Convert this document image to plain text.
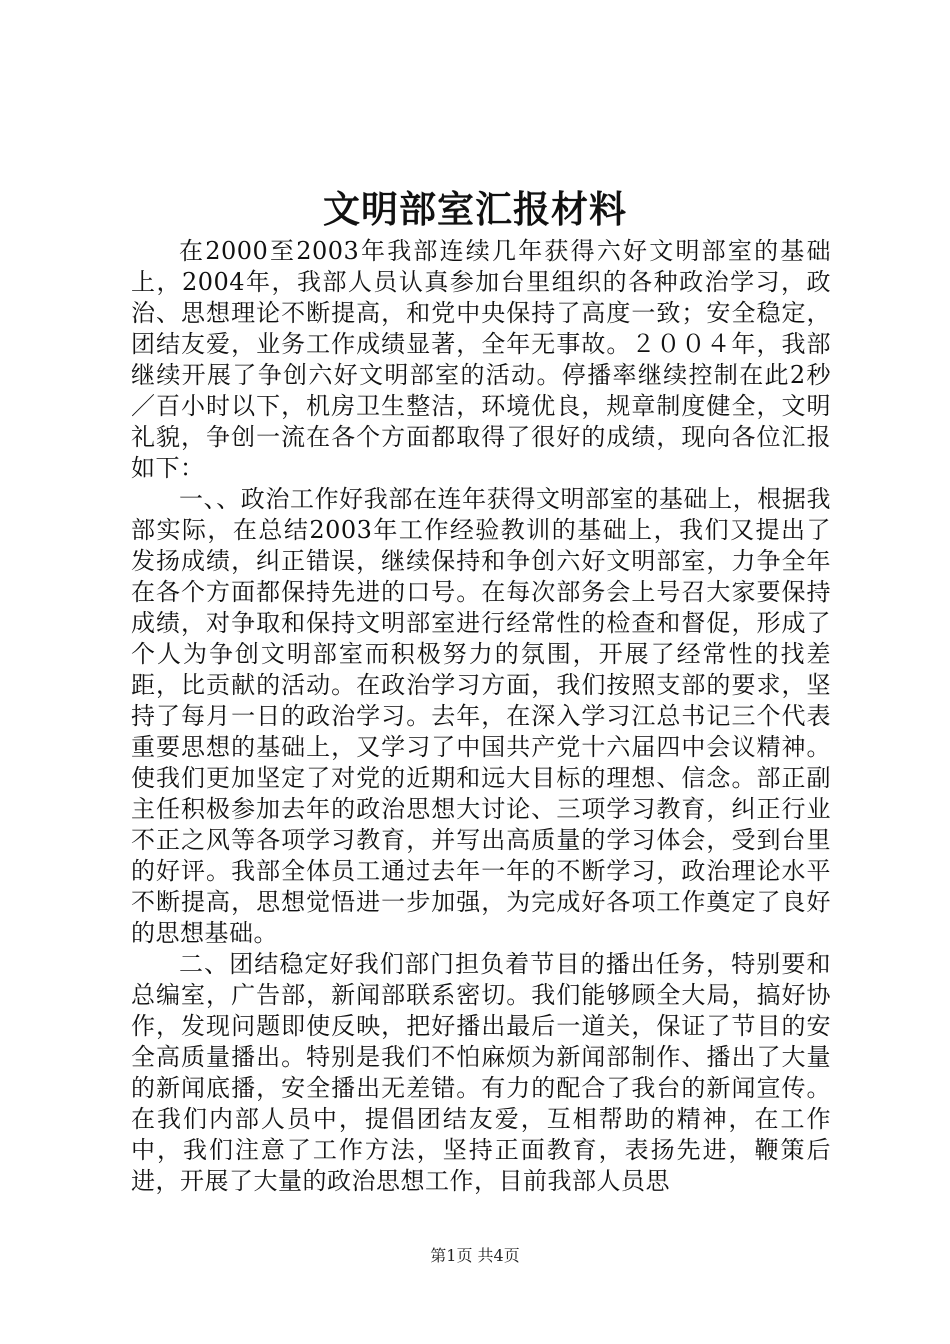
文明部室汇报材料

在2000至2003年我部连续几年获得六好文明部室的基础上，2004年，我部人员认真参加台里组织的各种政治学习，政治、思想理论不断提高，和党中央保持了高度一致；安全稳定，团结友爱，业务工作成绩显著，全年无事故。２００４年，我部继续开展了争创六好文明部室的活动。停播率继续控制在此2秒／百小时以下，机房卫生整洁，环境优良，规章制度健全，文明礼貌，争创一流在各个方面都取得了很好的成绩，现向各位汇报如下：

一、、政治工作好我部在连年获得文明部室的基础上，根据我部实际，在总结2003年工作经验教训的基础上，我们又提出了发扬成绩，纠正错误，继续保持和争创六好文明部室，力争全年在各个方面都保持先进的口号。在每次部务会上号召大家要保持成绩，对争取和保持文明部室进行经常性的检查和督促，形成了个人为争创文明部室而积极努力的氛围，开展了经常性的找差距，比贡献的活动。在政治学习方面，我们按照支部的要求，坚持了每月一日的政治学习。去年，在深入学习江总书记三个代表重要思想的基础上，又学习了中国共产党十六届四中会议精神。使我们更加坚定了对党的近期和远大目标的理想、信念。部正副主任积极参加去年的政治思想大讨论、三项学习教育，纠正行业不正之风等各项学习教育，并写出高质量的学习体会，受到台里的好评。我部全体员工通过去年一年的不断学习，政治理论水平不断提高，思想觉悟进一步加强，为完成好各项工作奠定了良好的思想基础。

二、团结稳定好我们部门担负着节目的播出任务，特别要和总编室，广告部，新闻部联系密切。我们能够顾全大局，搞好协作，发现问题即使反映，把好播出最后一道关，保证了节目的安全高质量播出。特别是我们不怕麻烦为新闻部制作、播出了大量的新闻底播，安全播出无差错。有力的配合了我台的新闻宣传。在我们内部人员中，提倡团结友爱，互相帮助的精神，在工作中，我们注意了工作方法，坚持正面教育，表扬先进，鞭策后进，开展了大量的政治思想工作，目前我部人员思

第1页 共4页
